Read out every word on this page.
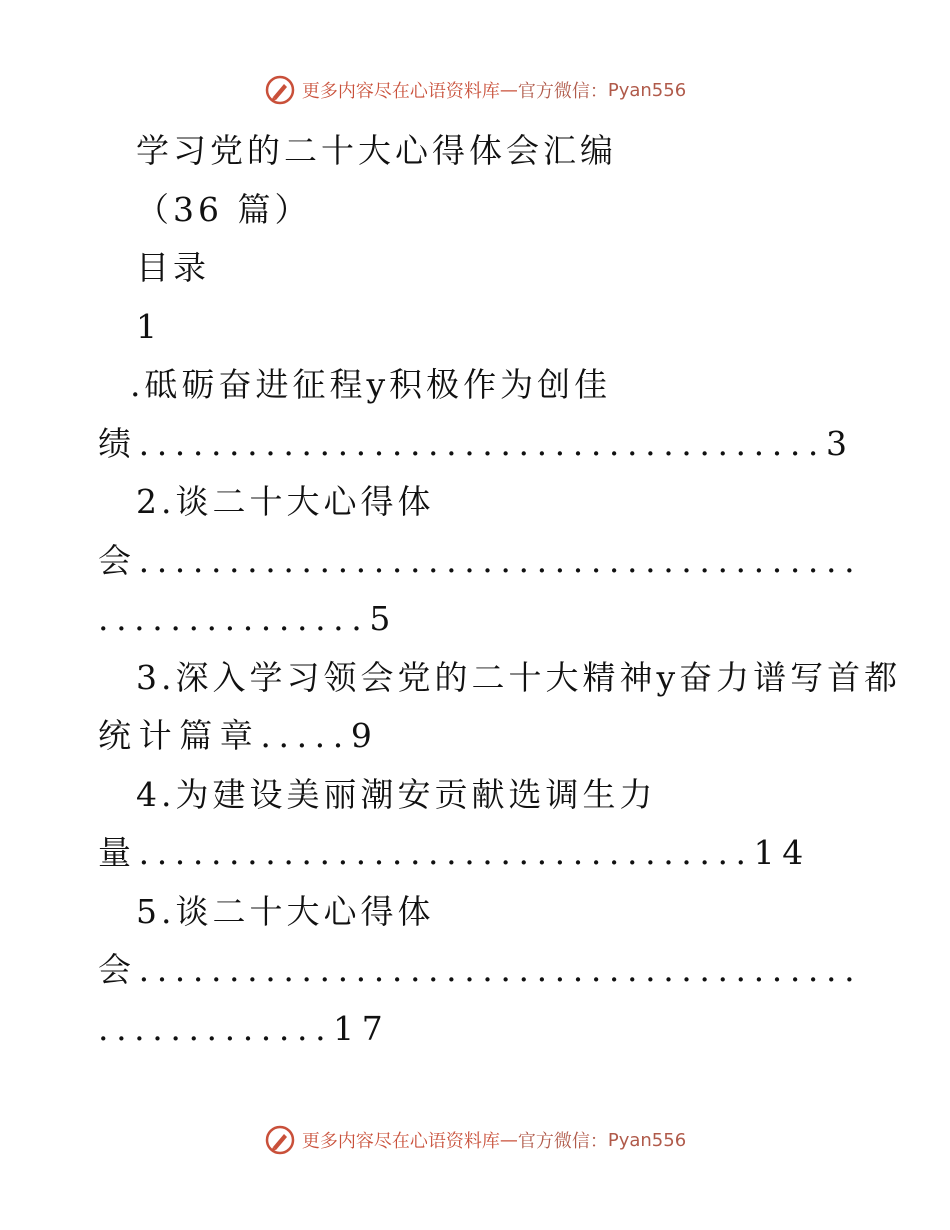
更多内容尽在心语资料库 — 官方微信： Pyan556
学习党的二十大心得体会汇编
（36 篇）
目录
1
.砥砺奋进征程y积极作为创佳
绩......................................3
2.谈二十大心得体
会........................................
...............5
3.深入学习领会党的二十大精神y奋力谱写首都
统计篇章.....9
4.为建设美丽潮安贡献选调生力
量..................................14
5.谈二十大心得体
会........................................
.............17
更多内容尽在心语资料库 — 官方微信： Pyan556
